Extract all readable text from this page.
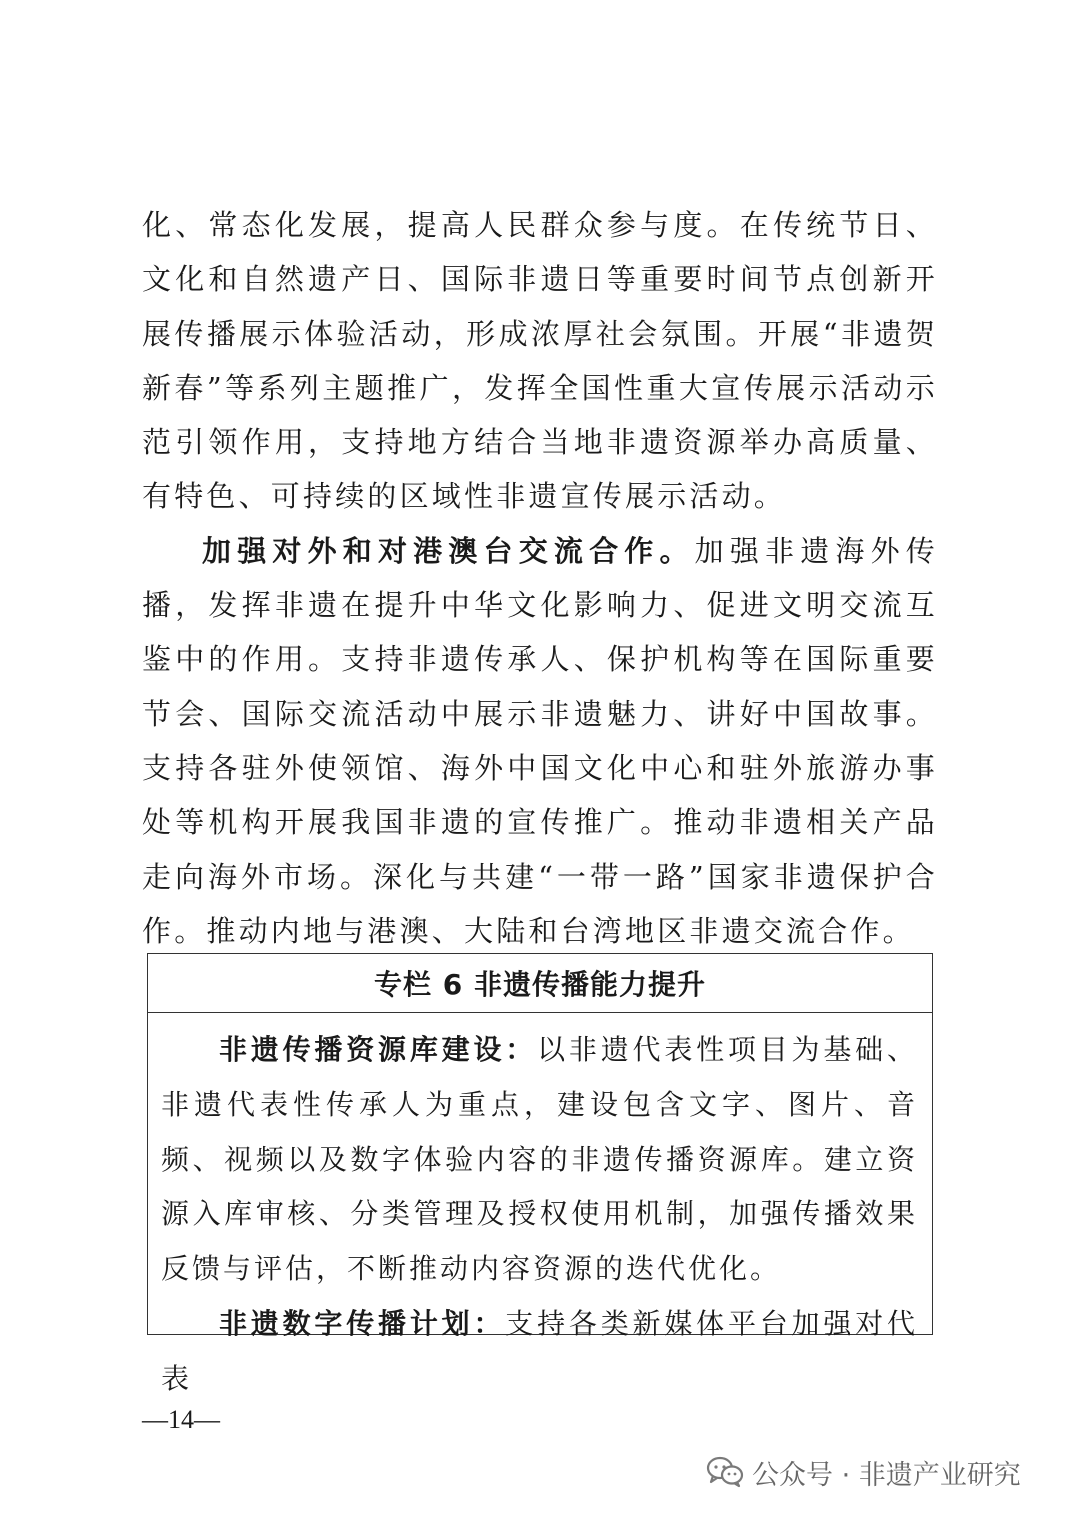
化、常态化发展，提高人民群众参与度。在传统节日、文化和自然遗产日、国际非遗日等重要时间节点创新开展传播展示体验活动，形成浓厚社会氛围。开展“非遗贺新春”等系列主题推广，发挥全国性重大宣传展示活动示范引领作用，支持地方结合当地非遗资源举办高质量、有特色、可持续的区域性非遗宣传展示活动。

加强对外和对港澳台交流合作。加强非遗海外传播，发挥非遗在提升中华文化影响力、促进文明交流互鉴中的作用。支持非遗传承人、保护机构等在国际重要节会、国际交流活动中展示非遗魅力、讲好中国故事。支持各驻外使领馆、海外中国文化中心和驻外旅游办事处等机构开展我国非遗的宣传推广。推动非遗相关产品走向海外市场。深化与共建“一带一路”国家非遗保护合作。推动内地与港澳、大陆和台湾地区非遗交流合作。

专栏 6 非遗传播能力提升

非遗传播资源库建设：以非遗代表性项目为基础、非遗代表性传承人为重点，建设包含文字、图片、音频、视频以及数字体验内容的非遗传播资源库。建立资源入库审核、分类管理及授权使用机制，加强传播效果反馈与评估，不断推动内容资源的迭代优化。

非遗数字传播计划：支持各类新媒体平台加强对代表

—14—
公众号 · 非遗产业研究
